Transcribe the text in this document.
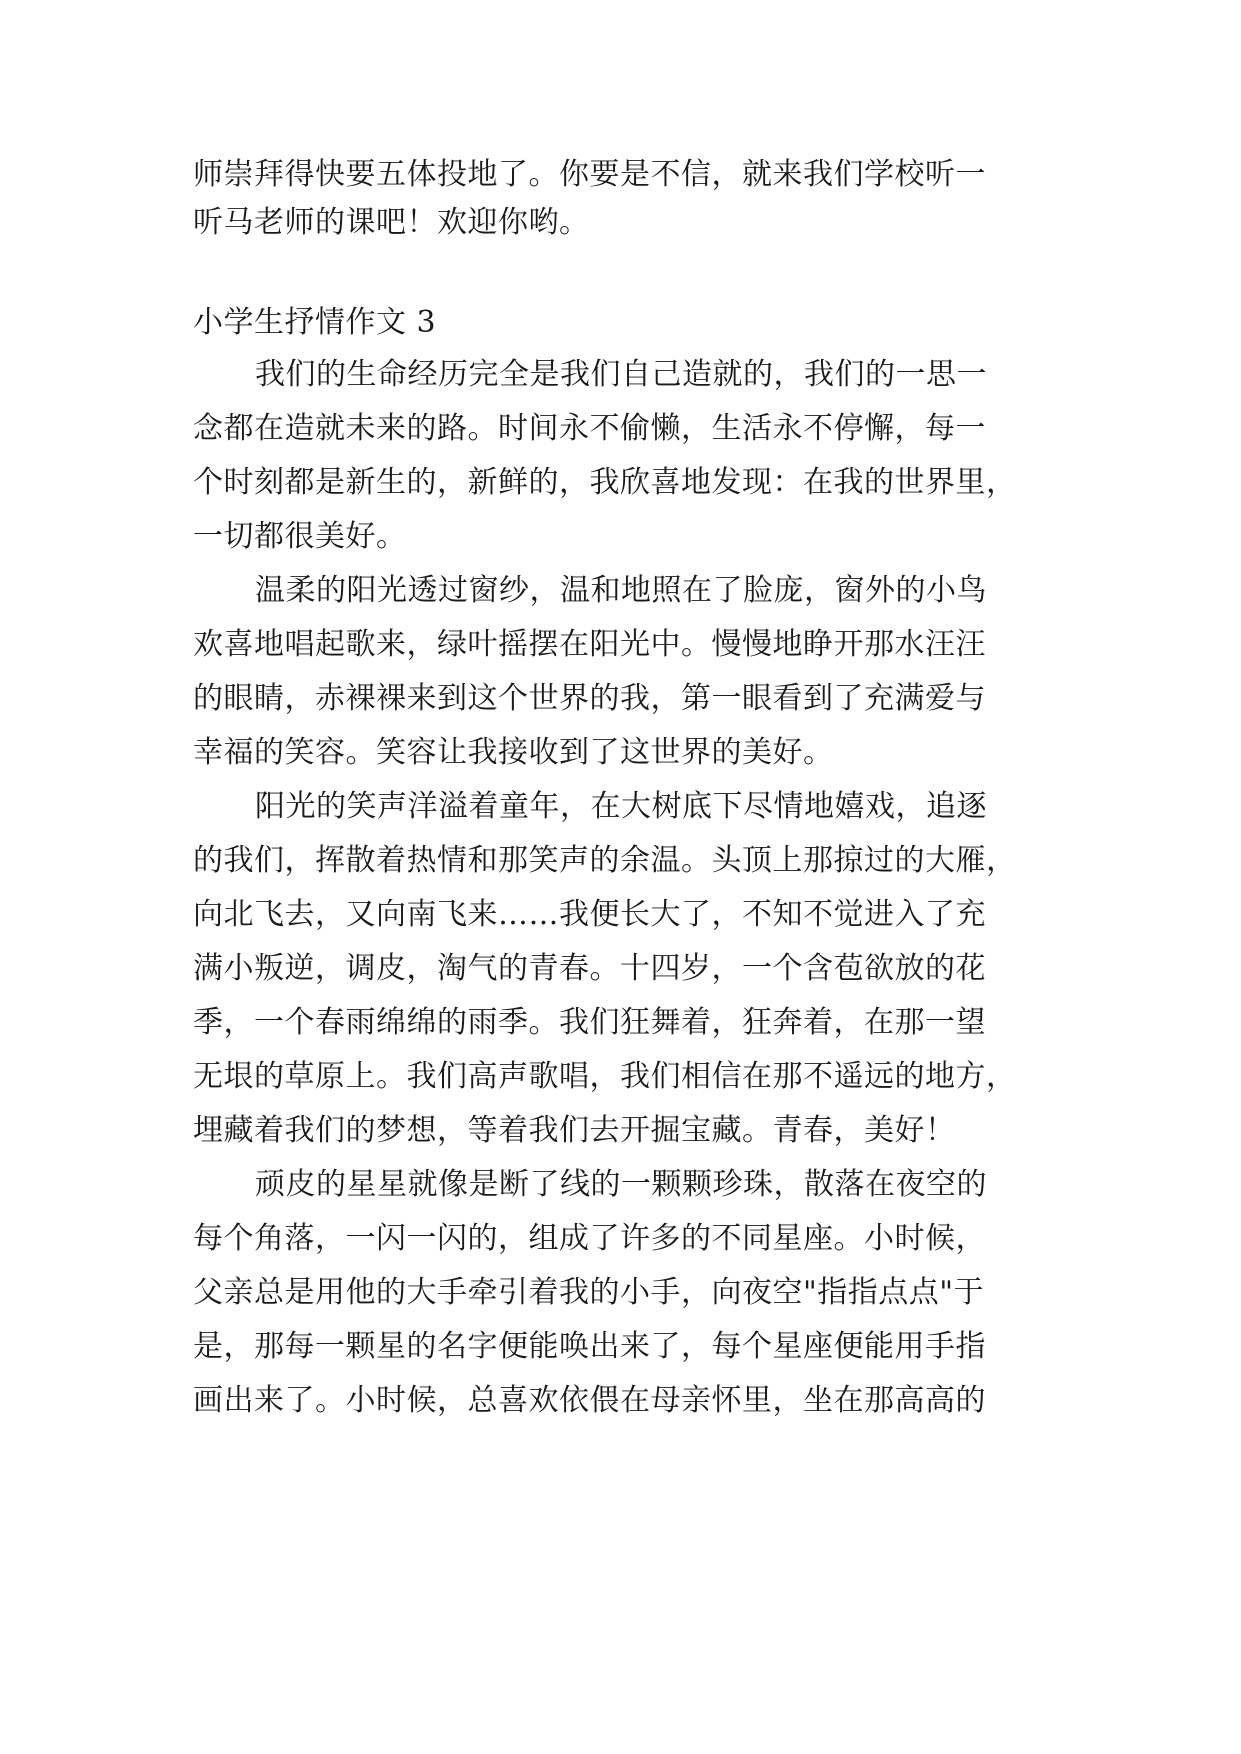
师崇拜得快要五体投地了。你要是不信，就来我们学校听一
听马老师的课吧！欢迎你哟。
小学生抒情作文 3
我们的生命经历完全是我们自己造就的，我们的一思一
念都在造就未来的路。时间永不偷懒，生活永不停懈，每一
个时刻都是新生的，新鲜的，我欣喜地发现：在我的世界里，
一切都很美好。
温柔的阳光透过窗纱，温和地照在了脸庞，窗外的小鸟
欢喜地唱起歌来，绿叶摇摆在阳光中。慢慢地睁开那水汪汪
的眼睛，赤裸裸来到这个世界的我，第一眼看到了充满爱与
幸福的笑容。笑容让我接收到了这世界的美好。
阳光的笑声洋溢着童年，在大树底下尽情地嬉戏，追逐
的我们，挥散着热情和那笑声的余温。头顶上那掠过的大雁，
向北飞去，又向南飞来……我便长大了，不知不觉进入了充
满小叛逆，调皮，淘气的青春。十四岁，一个含苞欲放的花
季，一个春雨绵绵的雨季。我们狂舞着，狂奔着，在那一望
无垠的草原上。我们高声歌唱，我们相信在那不遥远的地方，
埋藏着我们的梦想，等着我们去开掘宝藏。青春，美好！
顽皮的星星就像是断了线的一颗颗珍珠，散落在夜空的
每个角落，一闪一闪的，组成了许多的不同星座。小时候，
父亲总是用他的大手牵引着我的小手，向夜空"指指点点"于
是，那每一颗星的名字便能唤出来了，每个星座便能用手指
画出来了。小时候，总喜欢依偎在母亲怀里，坐在那高高的
